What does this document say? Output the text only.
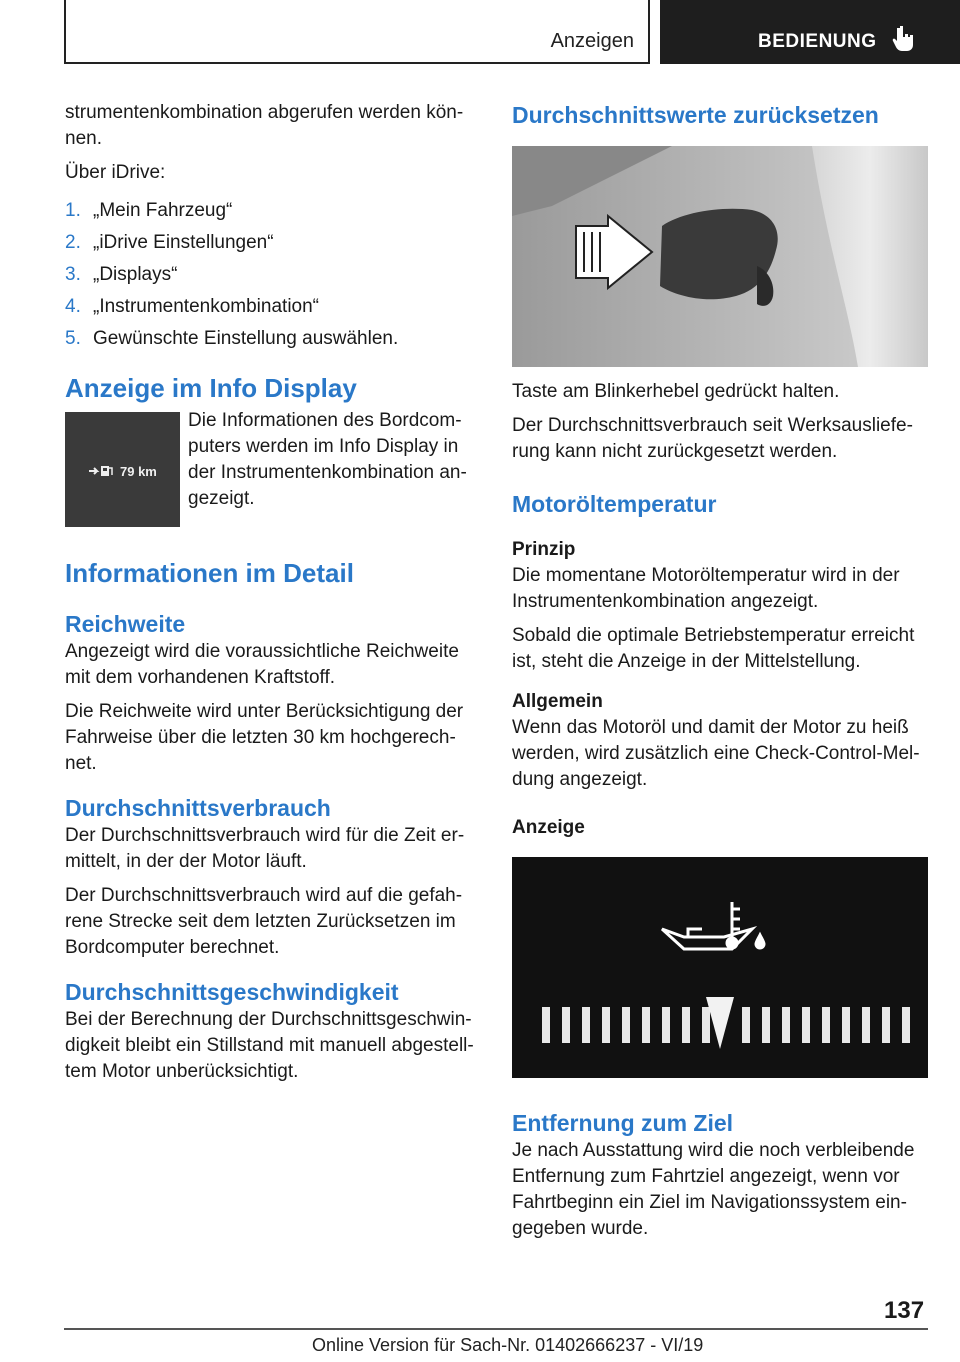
Anzeigen	BEDIENUNG

strumentenkombination abgerufen werden können.

Über iDrive:

1. „Mein Fahrzeug“
2. „iDrive Einstellungen“
3. „Displays“
4. „Instrumentenkombination“
5. Gewünschte Einstellung auswählen.
Anzeige im Info Display
79 km

Die Informationen des Bordcomputers werden im Info Display in der Instrumentenkombination angezeigt.

Informationen im Detail
Reichweite

Angezeigt wird die voraussichtliche Reichweite mit dem vorhandenen Kraftstoff.

Die Reichweite wird unter Berücksichtigung der Fahrweise über die letzten 30 km hochgerechnet.

Durchschnittsverbrauch

Der Durchschnittsverbrauch wird für die Zeit ermittelt, in der der Motor läuft.

Der Durchschnittsverbrauch wird auf die gefahrene Strecke seit dem letzten Zurücksetzen im Bordcomputer berechnet.

Durchschnittsgeschwindigkeit

Bei der Berechnung der Durchschnittsgeschwindigkeit bleibt ein Stillstand mit manuell abgestelltem Motor unberücksichtigt.

Durchschnittswerte zurücksetzen

Taste am Blinkerhebel gedrückt halten.

Der Durchschnittsverbrauch seit Werksauslieferung kann nicht zurückgesetzt werden.

Motoröltemperatur
Prinzip

Die momentane Motoröltemperatur wird in der Instrumentenkombination angezeigt.

Sobald die optimale Betriebstemperatur erreicht ist, steht die Anzeige in der Mittelstellung.

Allgemein

Wenn das Motoröl und damit der Motor zu heiß werden, wird zusätzlich eine Check-Control-Meldung angezeigt.

Anzeige
Entfernung zum Ziel

Je nach Ausstattung wird die noch verbleibende Entfernung zum Fahrtziel angezeigt, wenn vor Fahrtbeginn ein Ziel im Navigationssystem eingegeben wurde.

137
Online Version für Sach-Nr. 01402666237 - VI/19
